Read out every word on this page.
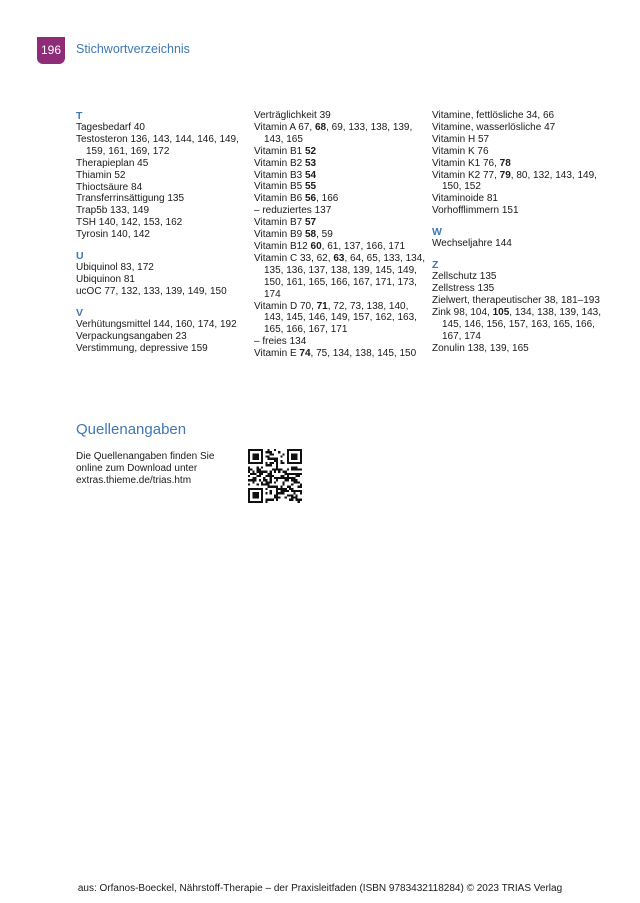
196	Stichwortverzeichnis
T
Tagesbedarf 40
Testosteron 136, 143, 144, 146, 149, 159, 161, 169, 172
Therapieplan 45
Thiamin 52
Thioctsäure 84
Transferrinsättigung 135
Trap5b 133, 149
TSH 140, 142, 153, 162
Tyrosin 140, 142
U
Ubiquinol 83, 172
Ubiquinon 81
ucOC 77, 132, 133, 139, 149, 150
V
Verhütungsmittel 144, 160, 174, 192
Verpackungsangaben 23
Verstimmung, depressive 159
Verträglichkeit 39
Vitamin A 67, 68, 69, 133, 138, 139, 143, 165
Vitamin B1 52
Vitamin B2 53
Vitamin B3 54
Vitamin B5 55
Vitamin B6 56, 166
– reduziertes 137
Vitamin B7 57
Vitamin B9 58, 59
Vitamin B12 60, 61, 137, 166, 171
Vitamin C 33, 62, 63, 64, 65, 133, 134, 135, 136, 137, 138, 139, 145, 149, 150, 161, 165, 166, 167, 171, 173, 174
Vitamin D 70, 71, 72, 73, 138, 140, 143, 145, 146, 149, 157, 162, 163, 165, 166, 167, 171
– freies 134
Vitamin E 74, 75, 134, 138, 145, 150
Vitamine, fettlösliche 34, 66
Vitamine, wasserlösliche 47
Vitamin H 57
Vitamin K 76
Vitamin K1 76, 78
Vitamin K2 77, 79, 80, 132, 143, 149, 150, 152
Vitaminoide 81
Vorhofflimmern 151
W
Wechseljahre 144
Z
Zellschutz 135
Zellstress 135
Zielwert, therapeutischer 38, 181–193
Zink 98, 104, 105, 134, 138, 139, 143, 145, 146, 156, 157, 163, 165, 166, 167, 174
Zonulin 138, 139, 165
Quellenangaben
Die Quellenangaben finden Sie
online zum Download unter
extras.thieme.de/trias.htm
aus: Orfanos-Boeckel, Nährstoff-Therapie – der Praxisleitfaden (ISBN 9783432118284) © 2023 TRIAS Verlag
